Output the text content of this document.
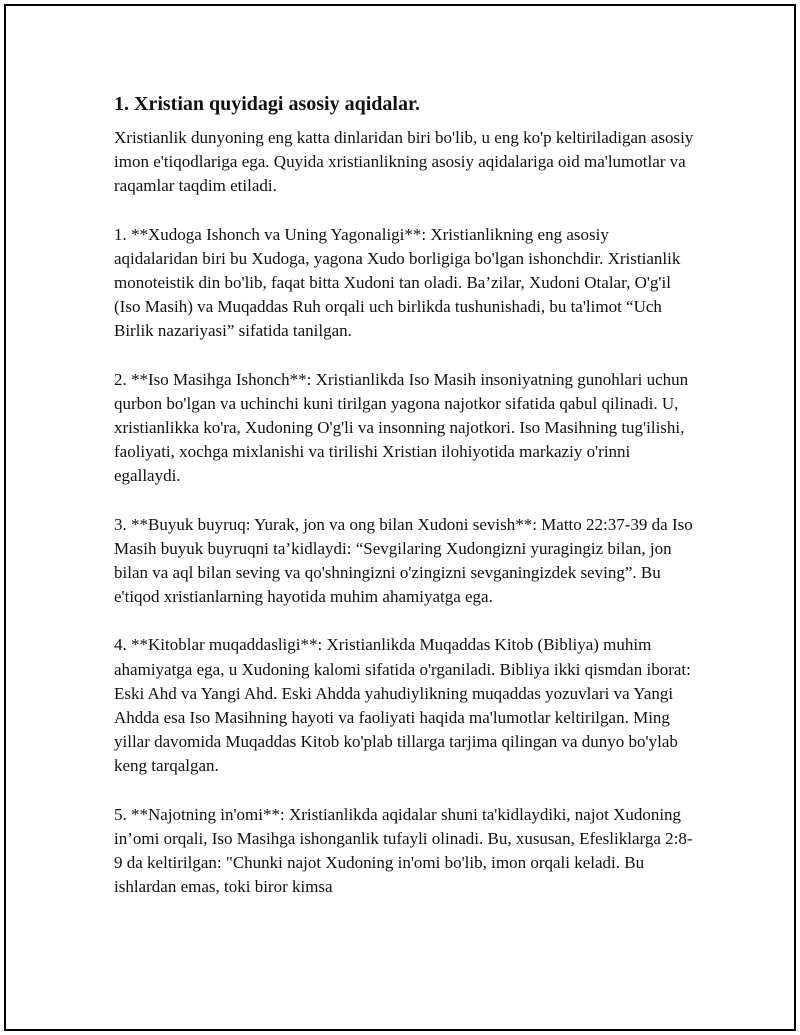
1. Xristian quyidagi asosiy aqidalar.

Xristianlik dunyoning eng katta dinlaridan biri bo'lib, u eng ko'p keltiriladigan asosiy imon e'tiqodlariga ega. Quyida xristianlikning asosiy aqidalariga oid ma'lumotlar va raqamlar taqdim etiladi.

1. **Xudoga Ishonch va Uning Yagonaligi**: Xristianlikning eng asosiy aqidalaridan biri bu Xudoga, yagona Xudo borligiga bo'lgan ishonchdir. Xristianlik monoteistik din bo'lib, faqat bitta Xudoni tan oladi. Ba’zilar, Xudoni Otalar, O'g'il (Iso Masih) va Muqaddas Ruh orqali uch birlikda tushunishadi, bu ta'limot “Uch Birlik nazariyasi” sifatida tanilgan.

2. **Iso Masihga Ishonch**: Xristianlikda Iso Masih insoniyatning gunohlari uchun qurbon bo'lgan va uchinchi kuni tirilgan yagona najotkor sifatida qabul qilinadi. U, xristianlikka ko'ra, Xudoning O'g'li va insonning najotkori. Iso Masihning tug'ilishi, faoliyati, xochga mixlanishi va tirilishi Xristian ilohiyotida markaziy o'rinni egallaydi.

3. **Buyuk buyruq: Yurak, jon va ong bilan Xudoni sevish**: Matto 22:37-39 da Iso Masih buyuk buyruqni ta’kidlaydi: “Sevgilaring Xudongizni yuragingiz bilan, jon bilan va aql bilan seving va qo'shningizni o'zingizni sevganingizdek seving”. Bu e'tiqod xristianlarning hayotida muhim ahamiyatga ega.

4. **Kitoblar muqaddasligi**: Xristianlikda Muqaddas Kitob (Bibliya) muhim ahamiyatga ega, u Xudoning kalomi sifatida o'rganiladi. Bibliya ikki qismdan iborat: Eski Ahd va Yangi Ahd. Eski Ahdda yahudiylikning muqaddas yozuvlari va Yangi Ahdda esa Iso Masihning hayoti va faoliyati haqida ma'lumotlar keltirilgan. Ming yillar davomida Muqaddas Kitob ko'plab tillarga tarjima qilingan va dunyo bo'ylab keng tarqalgan.

5. **Najotning in'omi**: Xristianlikda aqidalar shuni ta'kidlaydiki, najot Xudoning in’omi orqali, Iso Masihga ishonganlik tufayli olinadi. Bu, xususan, Efesliklarga 2:8-9 da keltirilgan: "Chunki najot Xudoning in'omi bo'lib, imon orqali keladi. Bu ishlardan emas, toki biror kimsa
